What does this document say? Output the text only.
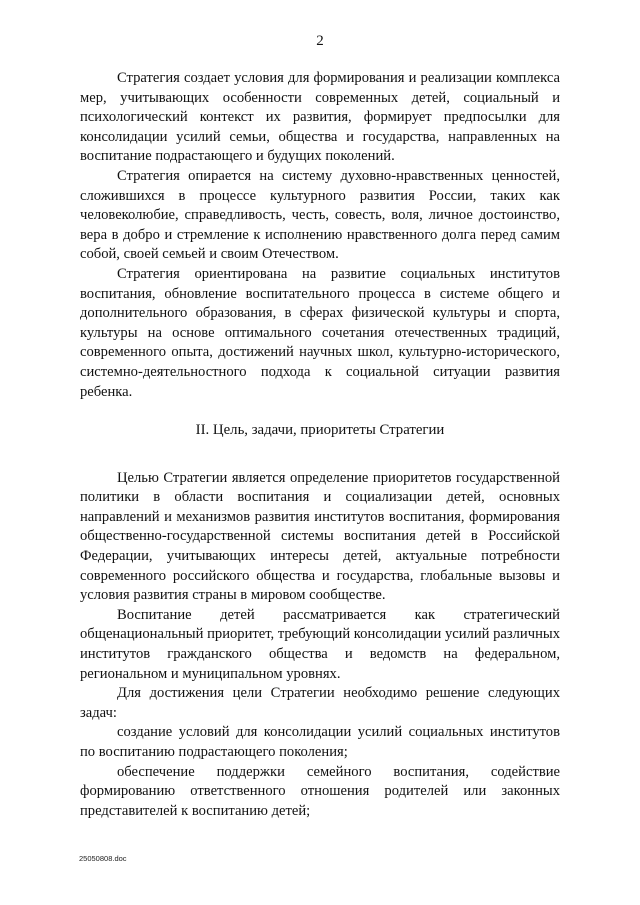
2

Стратегия создает условия для формирования и реализации комплекса мер, учитывающих особенности современных детей, социальный и психологический контекст их развития, формирует предпосылки для консолидации усилий семьи, общества и государства, направленных на воспитание подрастающего и будущих поколений.

Стратегия опирается на систему духовно-нравственных ценностей, сложившихся в процессе культурного развития России, таких как человеколюбие, справедливость, честь, совесть, воля, личное достоинство, вера в добро и стремление к исполнению нравственного долга перед самим собой, своей семьей и своим Отечеством.

Стратегия ориентирована на развитие социальных институтов воспитания, обновление воспитательного процесса в системе общего и дополнительного образования, в сферах физической культуры и спорта, культуры на основе оптимального сочетания отечественных традиций, современного опыта, достижений научных школ, культурно-исторического, системно-деятельностного подхода к социальной ситуации развития ребенка.

II. Цель, задачи, приоритеты Стратегии

Целью Стратегии является определение приоритетов государственной политики в области воспитания и социализации детей, основных направлений и механизмов развития институтов воспитания, формирования общественно-государственной системы воспитания детей в Российской Федерации, учитывающих интересы детей, актуальные потребности современного российского общества и государства, глобальные вызовы и условия развития страны в мировом сообществе.

Воспитание детей рассматривается как стратегический общенациональный приоритет, требующий консолидации усилий различных институтов гражданского общества и ведомств на федеральном, региональном и муниципальном уровнях.

Для достижения цели Стратегии необходимо решение следующих задач:

создание условий для консолидации усилий социальных институтов по воспитанию подрастающего поколения;

обеспечение поддержки семейного воспитания, содействие формированию ответственного отношения родителей или законных представителей к воспитанию детей;

25050808.doc
